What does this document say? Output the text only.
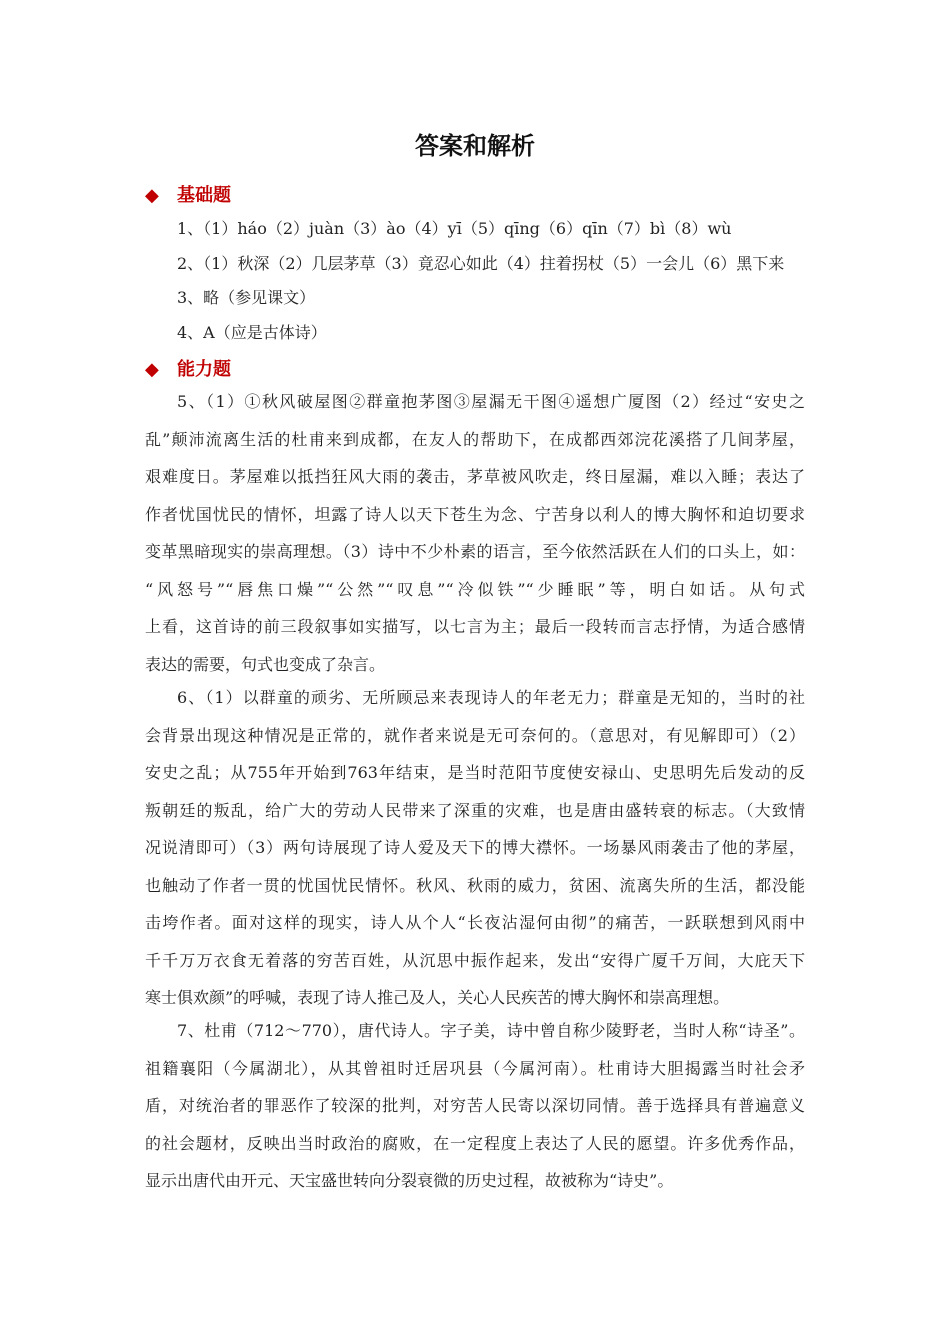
答案和解析
◆ 基础题
◆ 能力题
1、（1）háo（2）juàn（3）ào（4）yī（5）qīng（6）qīn（7）bì（8）wù
2、（1）秋深（2）几层茅草（3）竟忍心如此（4）拄着拐杖（5）一会儿（6）黑下来
3、略（参见课文）
4、A（应是古体诗）
5、（1）①秋风破屋图②群童抱茅图③屋漏无干图④遥想广厦图（2）经过“安史之
乱”颠沛流离生活的杜甫来到成都，在友人的帮助下，在成都西郊浣花溪搭了几间茅屋，
艰难度日。茅屋难以抵挡狂风大雨的袭击，茅草被风吹走，终日屋漏，难以入睡；表达了
作者忧国忧民的情怀，坦露了诗人以天下苍生为念、宁苦身以利人的博大胸怀和迫切要求
变革黑暗现实的崇高理想。（3）诗中不少朴素的语言，至今依然活跃在人们的口头上，如：
“风怒号”“唇焦口燥”“公然”“叹息”“冷似铁”“少睡眠”等，明白如话。从句式
上看，这首诗的前三段叙事如实描写，以七言为主；最后一段转而言志抒情，为适合感情
表达的需要，句式也变成了杂言。
6、（1）以群童的顽劣、无所顾忌来表现诗人的年老无力；群童是无知的，当时的社
会背景出现这种情况是正常的，就作者来说是无可奈何的。（意思对，有见解即可）（2）
安史之乱；从755年开始到763年结束，是当时范阳节度使安禄山、史思明先后发动的反
叛朝廷的叛乱，给广大的劳动人民带来了深重的灾难，也是唐由盛转衰的标志。（大致情
况说清即可）（3）两句诗展现了诗人爱及天下的博大襟怀。一场暴风雨袭击了他的茅屋，
也触动了作者一贯的忧国忧民情怀。秋风、秋雨的威力，贫困、流离失所的生活，都没能
击垮作者。面对这样的现实，诗人从个人“长夜沾湿何由彻”的痛苦，一跃联想到风雨中
千千万万衣食无着落的穷苦百姓，从沉思中振作起来，发出“安得广厦千万间，大庇天下
寒士俱欢颜”的呼喊，表现了诗人推己及人，关心人民疾苦的博大胸怀和崇高理想。
7、杜甫（712～770），唐代诗人。字子美，诗中曾自称少陵野老，当时人称“诗圣”。
祖籍襄阳（今属湖北），从其曾祖时迁居巩县（今属河南）。杜甫诗大胆揭露当时社会矛
盾，对统治者的罪恶作了较深的批判，对穷苦人民寄以深切同情。善于选择具有普遍意义
的社会题材，反映出当时政治的腐败，在一定程度上表达了人民的愿望。许多优秀作品，
显示出唐代由开元、天宝盛世转向分裂衰微的历史过程，故被称为“诗史”。
